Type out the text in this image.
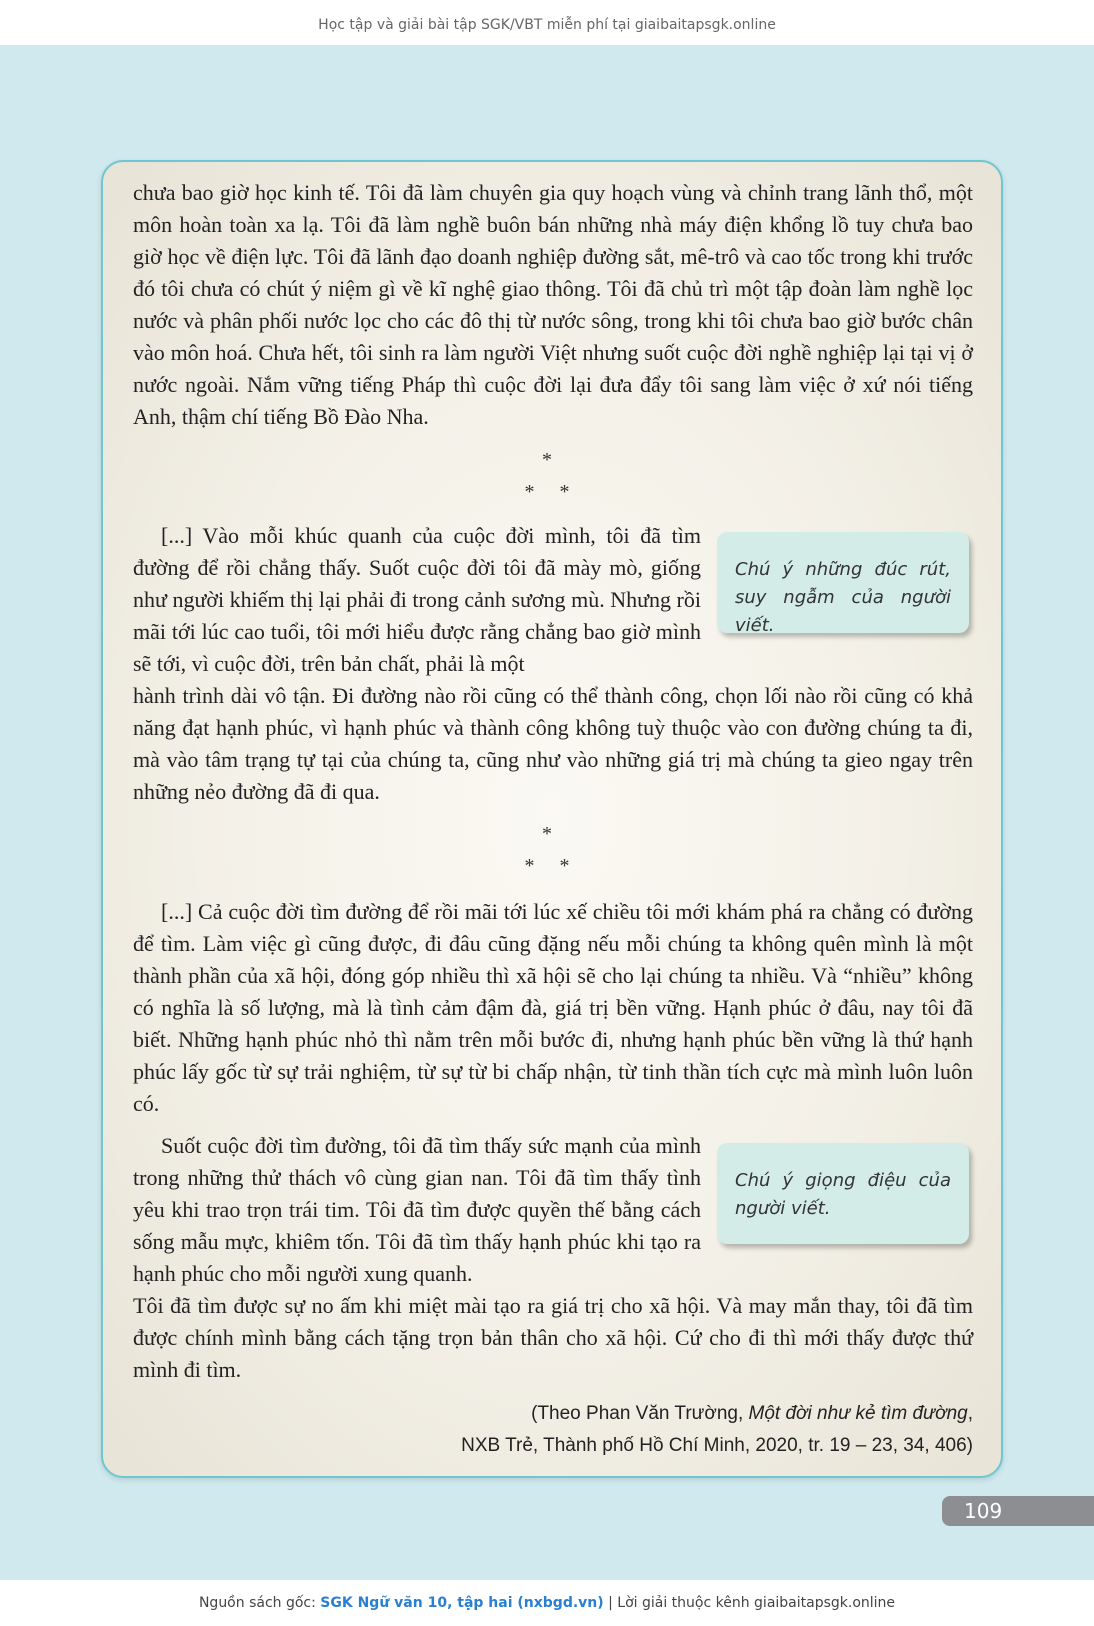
Học tập và giải bài tập SGK/VBT miễn phí tại giaibaitapsgk.online
chưa bao giờ học kinh tế. Tôi đã làm chuyên gia quy hoạch vùng và chỉnh trang lãnh thổ, một môn hoàn toàn xa lạ. Tôi đã làm nghề buôn bán những nhà máy điện khổng lồ tuy chưa bao giờ học về điện lực. Tôi đã lãnh đạo doanh nghiệp đường sắt, mê-trô và cao tốc trong khi trước đó tôi chưa có chút ý niệm gì về kĩ nghệ giao thông. Tôi đã chủ trì một tập đoàn làm nghề lọc nước và phân phối nước lọc cho các đô thị từ nước sông, trong khi tôi chưa bao giờ bước chân vào môn hoá. Chưa hết, tôi sinh ra làm người Việt nhưng suốt cuộc đời nghề nghiệp lại tại vị ở nước ngoài. Nắm vững tiếng Pháp thì cuộc đời lại đưa đẩy tôi sang làm việc ở xứ nói tiếng Anh, thậm chí tiếng Bồ Đào Nha.
*
*     *
[...] Vào mỗi khúc quanh của cuộc đời mình, tôi đã tìm đường để rồi chẳng thấy. Suốt cuộc đời tôi đã mày mò, giống như người khiếm thị lại phải đi trong cảnh sương mù. Nhưng rồi mãi tới lúc cao tuổi, tôi mới hiểu được rằng chẳng bao giờ mình sẽ tới, vì cuộc đời, trên bản chất, phải là một
Chú ý những đúc rút, suy ngẫm của người viết.
hành trình dài vô tận. Đi đường nào rồi cũng có thể thành công, chọn lối nào rồi cũng có khả năng đạt hạnh phúc, vì hạnh phúc và thành công không tuỳ thuộc vào con đường chúng ta đi, mà vào tâm trạng tự tại của chúng ta, cũng như vào những giá trị mà chúng ta gieo ngay trên những nẻo đường đã đi qua.
*
*     *
[...] Cả cuộc đời tìm đường để rồi mãi tới lúc xế chiều tôi mới khám phá ra chẳng có đường để tìm. Làm việc gì cũng được, đi đâu cũng đặng nếu mỗi chúng ta không quên mình là một thành phần của xã hội, đóng góp nhiều thì xã hội sẽ cho lại chúng ta nhiều. Và “nhiều” không có nghĩa là số lượng, mà là tình cảm đậm đà, giá trị bền vững. Hạnh phúc ở đâu, nay tôi đã biết. Những hạnh phúc nhỏ thì nằm trên mỗi bước đi, nhưng hạnh phúc bền vững là thứ hạnh phúc lấy gốc từ sự trải nghiệm, từ sự từ bi chấp nhận, từ tinh thần tích cực mà mình luôn luôn có.
Suốt cuộc đời tìm đường, tôi đã tìm thấy sức mạnh của mình trong những thử thách vô cùng gian nan. Tôi đã tìm thấy tình yêu khi trao trọn trái tim. Tôi đã tìm được quyền thế bằng cách sống mẫu mực, khiêm tốn. Tôi đã tìm thấy hạnh phúc khi tạo ra hạnh phúc cho mỗi người xung quanh.
Chú ý giọng điệu của người viết.
Tôi đã tìm được sự no ấm khi miệt mài tạo ra giá trị cho xã hội. Và may mắn thay, tôi đã tìm được chính mình bằng cách tặng trọn bản thân cho xã hội. Cứ cho đi thì mới thấy được thứ mình đi tìm.
(Theo Phan Văn Trường, Một đời như kẻ tìm đường,
NXB Trẻ, Thành phố Hồ Chí Minh, 2020, tr. 19 – 23, 34, 406)
109
Nguồn sách gốc: SGK Ngữ văn 10, tập hai (nxbgd.vn) | Lời giải thuộc kênh giaibaitapsgk.online
